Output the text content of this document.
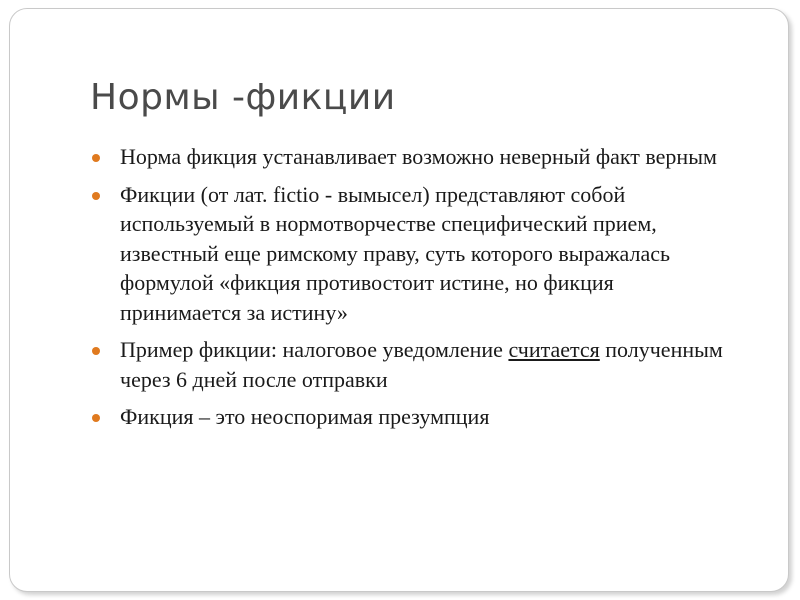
Нормы -фикции
Норма фикция устанавливает возможно неверный факт верным
Фикции (от лат. fictio - вымысел) представляют собой используемый в нормотворчестве специфический прием, известный еще римскому праву, суть которого выражалась формулой «фикция противостоит истине, но фикция принимается за истину»
Пример фикции: налоговое уведомление считается полученным через 6 дней после отправки
Фикция – это неоспоримая презумпция
